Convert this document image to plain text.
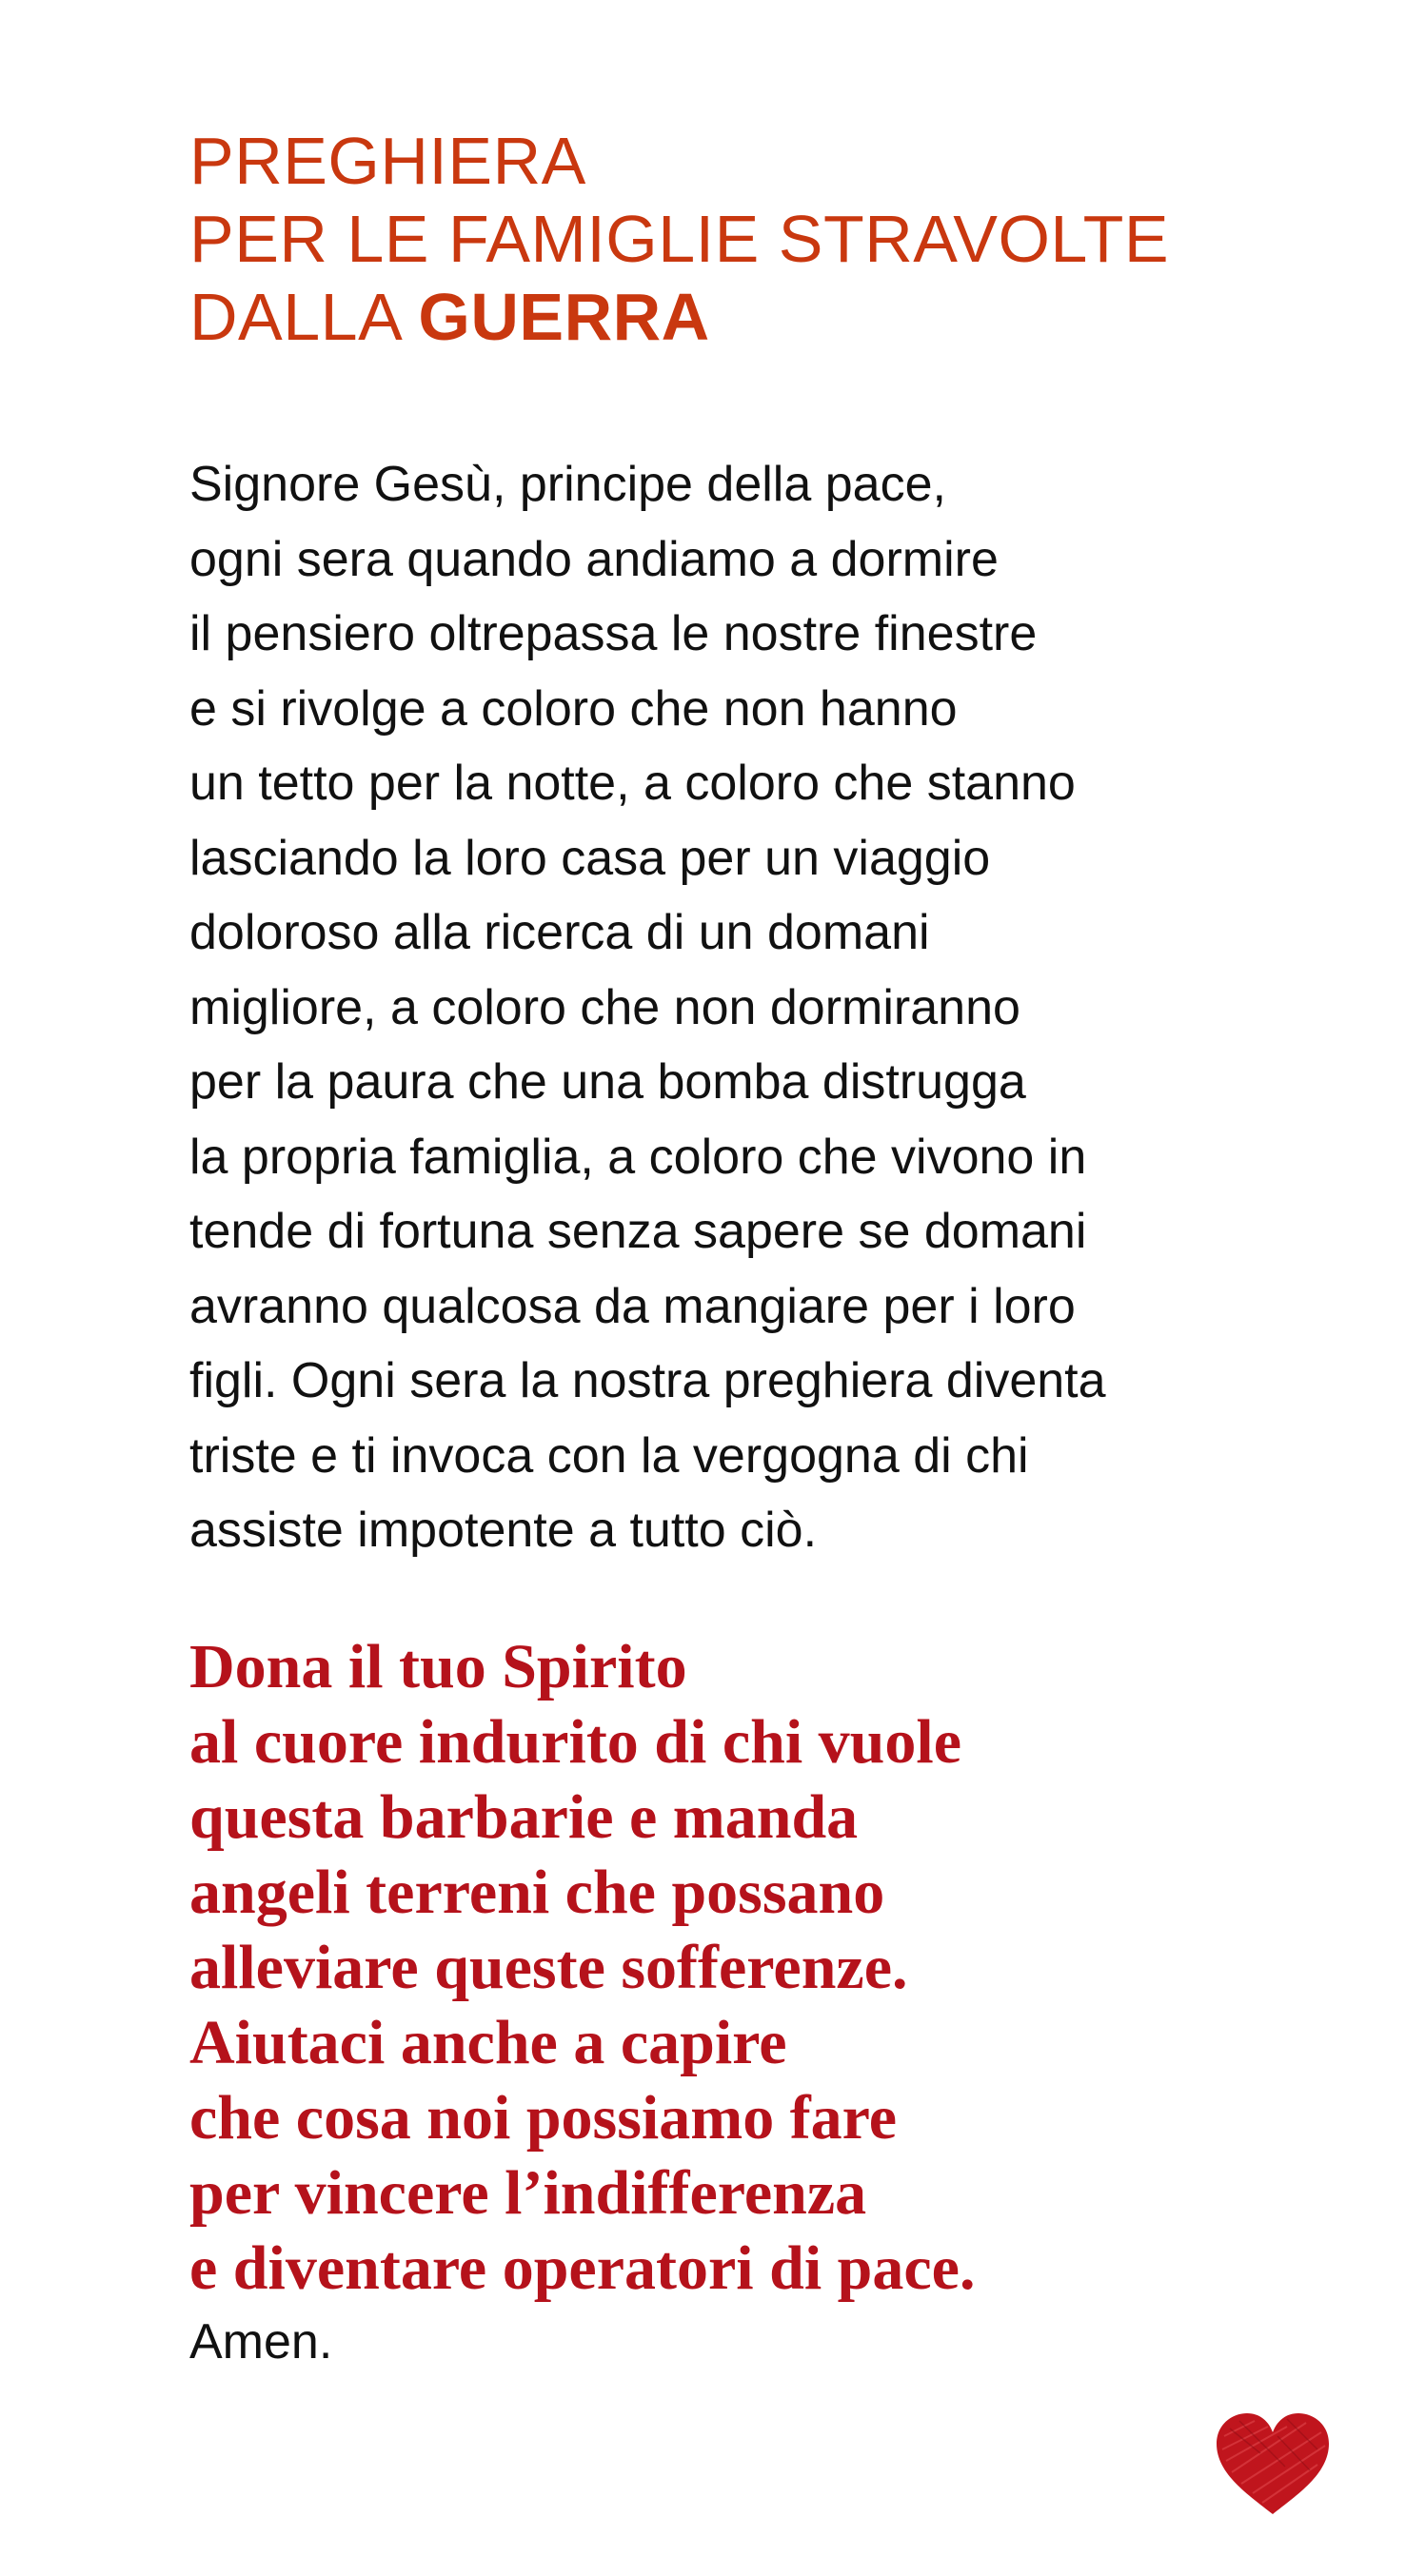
PREGHIERA
PER LE FAMIGLIE STRAVOLTE
DALLA GUERRA
Signore Gesù, principe della pace,
ogni sera quando andiamo a dormire
il pensiero oltrepassa le nostre finestre
e si rivolge a coloro che non hanno
un tetto per la notte, a coloro che stanno
lasciando la loro casa per un viaggio
doloroso alla ricerca di un domani
migliore, a coloro che non dormiranno
per la paura che una bomba distrugga
la propria famiglia, a coloro che vivono in
tende di fortuna senza sapere se domani
avranno qualcosa da mangiare per i loro
figli. Ogni sera la nostra preghiera diventa
triste e ti invoca con la vergogna di chi
assiste impotente a tutto ciò.
Dona il tuo Spirito
al cuore indurito di chi vuole
questa barbarie e manda
angeli terreni che possano
alleviare queste sofferenze.
Aiutaci anche a capire
che cosa noi possiamo fare
per vincere l’indifferenza
e diventare operatori di pace.

Amen.
